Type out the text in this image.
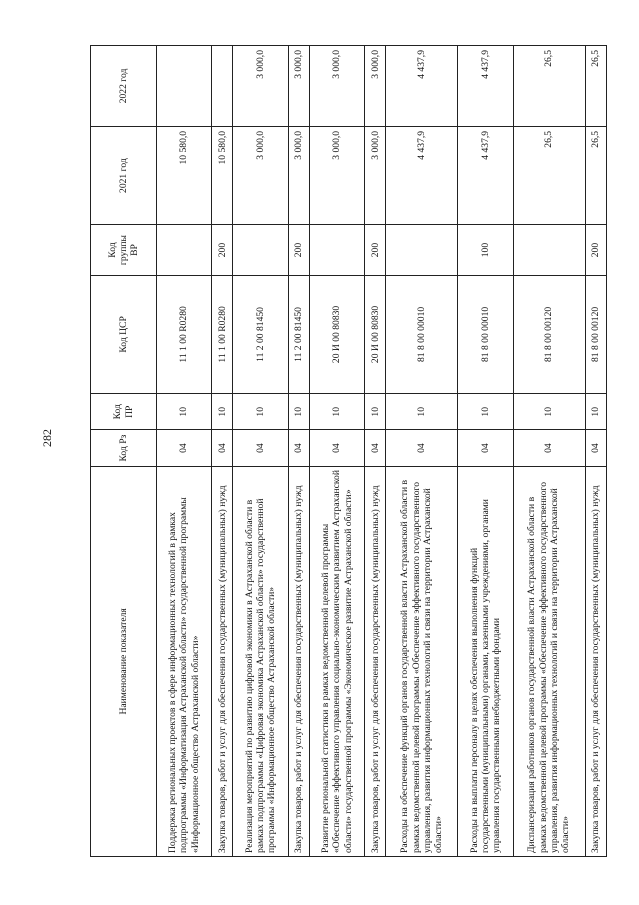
282
Наименование показателя	Код Рз	Код ПР	Код ЦСР	Код группы ВР	2021 год	2022 год
Поддержка региональных проектов в сфере информационных технологий в рамках подпрограммы «Информатизация Астраханской области» государственной программы «Информационное общество Астраханской области»	04	10	11 1 00 R0280		10 580,0	
Закупка товаров, работ и услуг для обеспечения государственных (муниципальных) нужд	04	10	11 1 00 R0280	200	10 580,0	
Реализация мероприятий по развитию цифровой экономики в Астраханской области в рамках подпрограммы «Цифровая экономика Астраханской области» государственной программы «Информационное общество Астраханской области»	04	10	11 2 00 81450		3 000,0	3 000,0
Закупка товаров, работ и услуг для обеспечения государственных (муниципальных) нужд	04	10	11 2 00 81450	200	3 000,0	3 000,0
Развитие региональной статистики в рамках ведомственной целевой программы «Обеспечение эффективного управления социально-экономическим развитием Астраханской области» государственной программы «Экономическое развитие Астраханской области»	04	10	20 И 00 80830		3 000,0	3 000,0
Закупка товаров, работ и услуг для обеспечения государственных (муниципальных) нужд	04	10	20 И 00 80830	200	3 000,0	3 000,0
Расходы на обеспечение функций органов государственной власти Астраханской области в рамках ведомственной целевой программы «Обеспечение эффективного государственного управления, развития информационных технологий и связи на территории Астраханской области»	04	10	81 8 00 00010		4 437,9	4 437,9
Расходы на выплаты персоналу в целях обеспечения выполнения функций государственными (муниципальными) органами, казенными учреждениями, органами управления государственными внебюджетными фондами	04	10	81 8 00 00010	100	4 437,9	4 437,9
Диспансеризация работников органов государственной власти Астраханской области в рамках ведомственной целевой программы «Обеспечение эффективного государственного управления, развития информационных технологий и связи на территории Астраханской области»	04	10	81 8 00 00120		26,5	26,5
Закупка товаров, работ и услуг для обеспечения государственных (муниципальных) нужд	04	10	81 8 00 00120	200	26,5	26,5
